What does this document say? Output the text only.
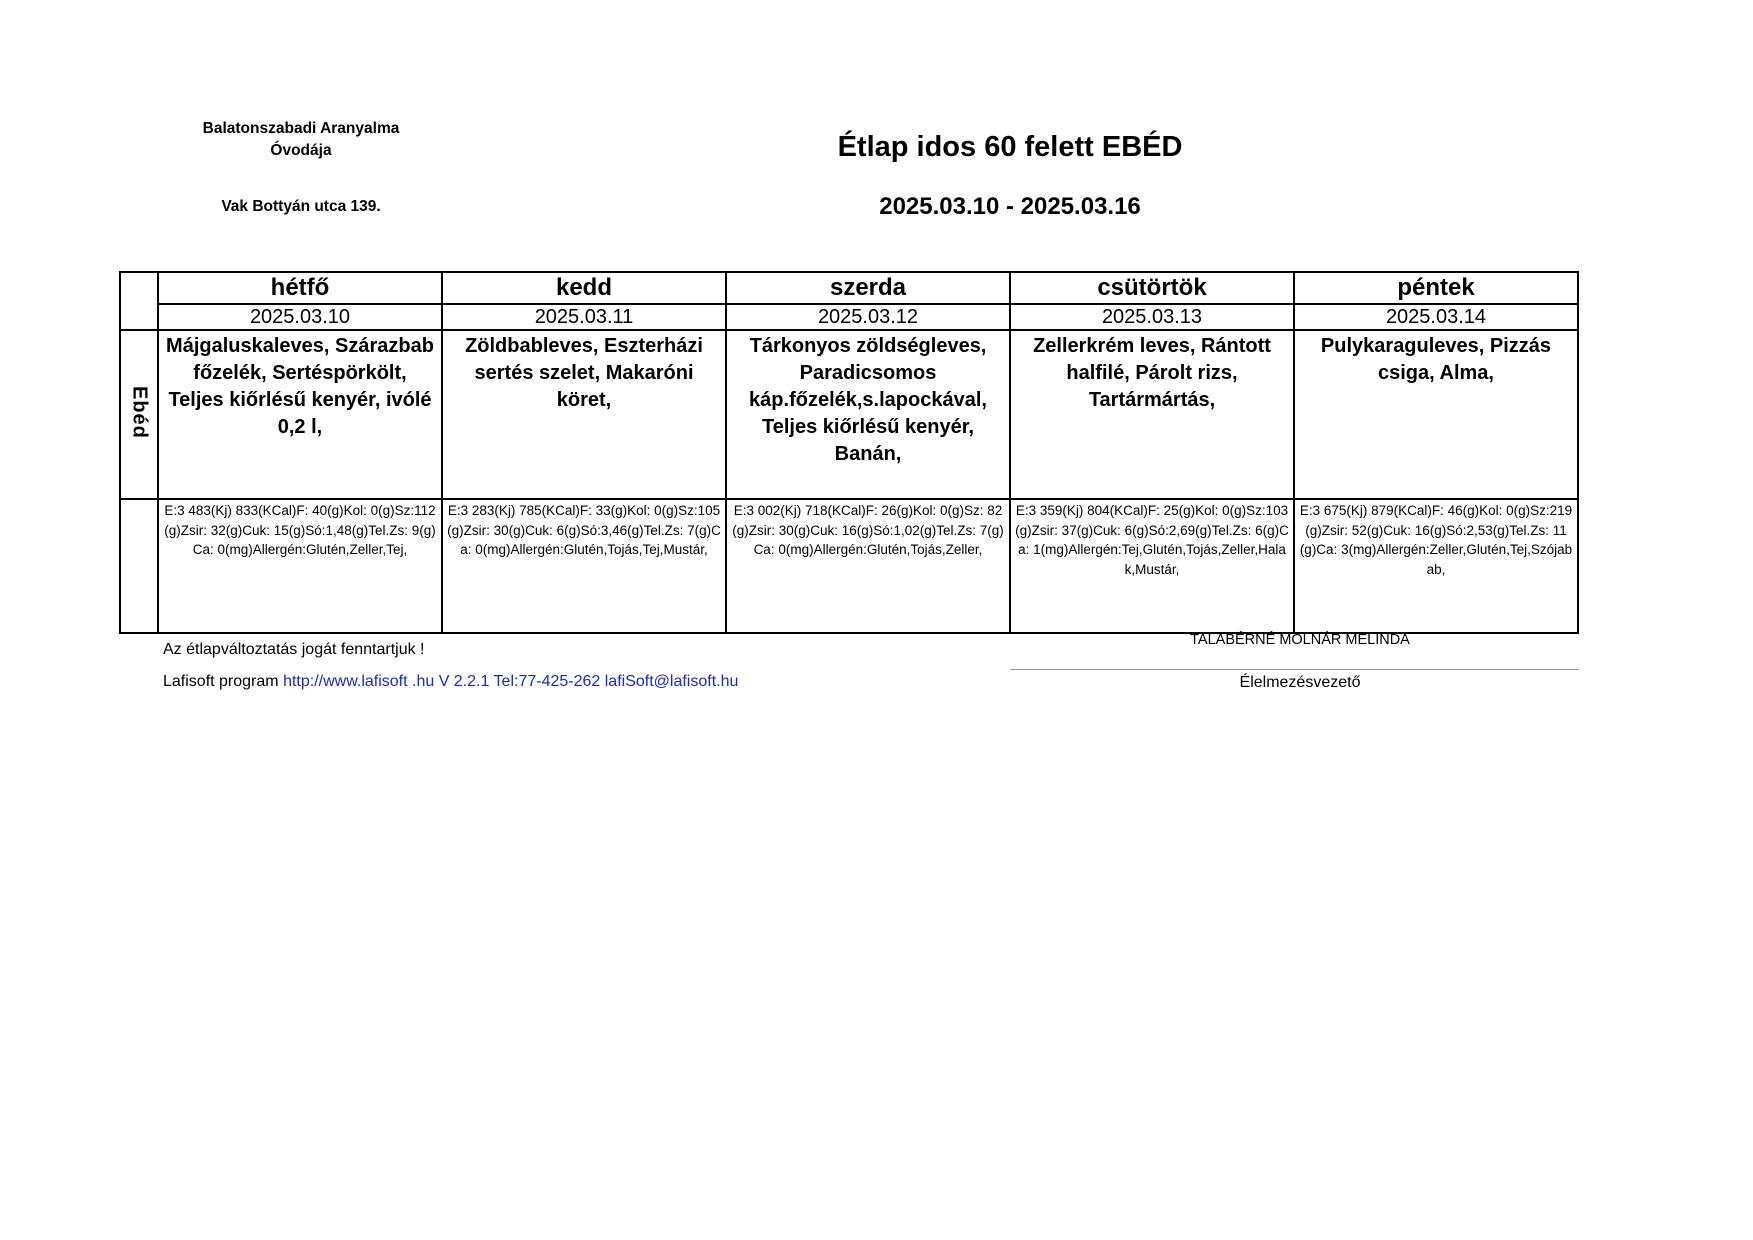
Balatonszabadi Aranyalma
Óvodája
Vak Bottyán utca 139.
Étlap idos 60 felett EBÉD
2025.03.10 - 2025.03.16
	hétfő	kedd	szerda	csütörtök	péntek
	2025.03.10	2025.03.11	2025.03.12	2025.03.13	2025.03.14
Ebéd	Májgaluskaleves, Szárazbab főzelék, Sertéspörkölt, Teljes kiőrlésű kenyér, ivólé 0,2 l,	Zöldbableves, Eszterházi sertés szelet, Makaróni köret,	Tárkonyos zöldségleves, Paradicsomos káp.főzelék,s.lapockával, Teljes kiőrlésű kenyér, Banán,	Zellerkrém leves, Rántott halfilé, Párolt rizs, Tartármártás,	Pulykaraguleves, Pizzás csiga, Alma,
	E:3 483(Kj) 833(KCal)F: 40(g)Kol: 0(g)Sz:112(g)Zsir: 32(g)Cuk: 15(g)Só:1,48(g)Tel.Zs: 9(g)Ca: 0(mg)Allergén:Glutén,Zeller,Tej,	E:3 283(Kj) 785(KCal)F: 33(g)Kol: 0(g)Sz:105(g)Zsir: 30(g)Cuk: 6(g)Só:3,46(g)Tel.Zs: 7(g)Ca: 0(mg)Allergén:Glutén,Tojás,Tej,Mustár,	E:3 002(Kj) 718(KCal)F: 26(g)Kol: 0(g)Sz: 82(g)Zsir: 30(g)Cuk: 16(g)Só:1,02(g)Tel.Zs: 7(g)Ca: 0(mg)Allergén:Glutén,Tojás,Zeller,	E:3 359(Kj) 804(KCal)F: 25(g)Kol: 0(g)Sz:103(g)Zsir: 37(g)Cuk: 6(g)Só:2,69(g)Tel.Zs: 6(g)Ca: 1(mg)Allergén:Tej,Glutén,Tojás,Zeller,Halak,Mustár,	E:3 675(Kj) 879(KCal)F: 46(g)Kol: 0(g)Sz:219(g)Zsir: 52(g)Cuk: 16(g)Só:2,53(g)Tel.Zs: 11(g)Ca: 3(mg)Allergén:Zeller,Glutén,Tej,Szójabab,
Az étlapváltoztatás jogát fenntartjuk !
Lafisoft program http://www.lafisoft .hu V 2.2.1 Tel:77-425-262 lafiSoft@lafisoft.hu
TALABÉRNÉ MOLNÁR MELINDA
Élelmezésvezető
